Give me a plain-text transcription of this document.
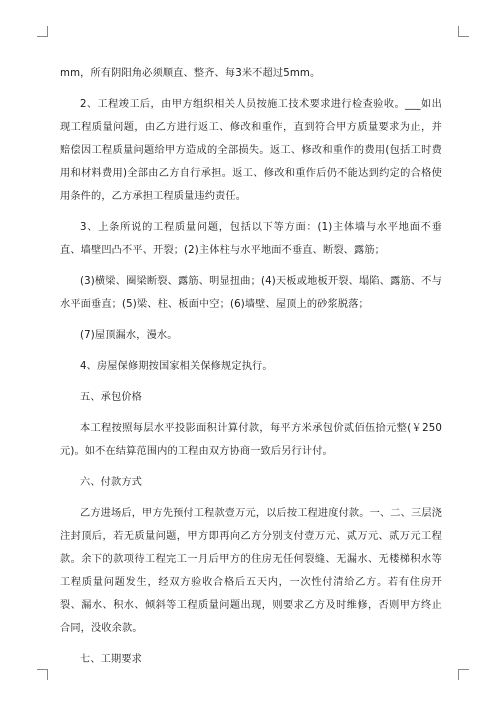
mm，所有阴阳角必须顺直、整齐、每3米不超过5mm。

2、工程竣工后，由甲方组织相关人员按施工技术要求进行检查验收。___如出现工程质量问题，由乙方进行返工、修改和重作，直到符合甲方质量要求为止，并赔偿因工程质量问题给甲方造成的全部损失。返工、修改和重作的费用(包括工时费用和材料费用)全部由乙方自行承担。返工、修改和重作后仍不能达到约定的合格使用条件的，乙方承担工程质量违约责任。

3、上条所说的工程质量问题，包括以下等方面：(1)主体墙与水平地面不垂直、墙壁凹凸不平、开裂；(2)主体柱与水平地面不垂直、断裂、露筋；

(3)横梁、圈梁断裂、露筋、明显扭曲；(4)天板或地板开裂、塌陷、露筋、不与水平面垂直；(5)梁、柱、板面中空；(6)墙壁、屋顶上的砂浆脱落；

(7)屋顶漏水，漫水。

4、房屋保修期按国家相关保修规定执行。

五、承包价格

本工程按照每层水平投影面积计算付款，每平方米承包价贰佰伍拾元整(￥250元)。如不在结算范围内的工程由双方协商一致后另行计付。

六、付款方式

乙方进场后，甲方先预付工程款壹万元，以后按工程进度付款。一、二、三层浇注封顶后，若无质量问题，甲方即再向乙方分别支付壹万元、贰万元、贰万元工程款。余下的款项待工程完工一月后甲方的住房无任何裂缝、无漏水、无楼梯积水等工程质量问题发生，经双方验收合格后五天内，一次性付清给乙方。若有住房开裂、漏水、积水、倾斜等工程质量问题出现，则要求乙方及时维修，否则甲方终止合同，没收余款。

七、工期要求
